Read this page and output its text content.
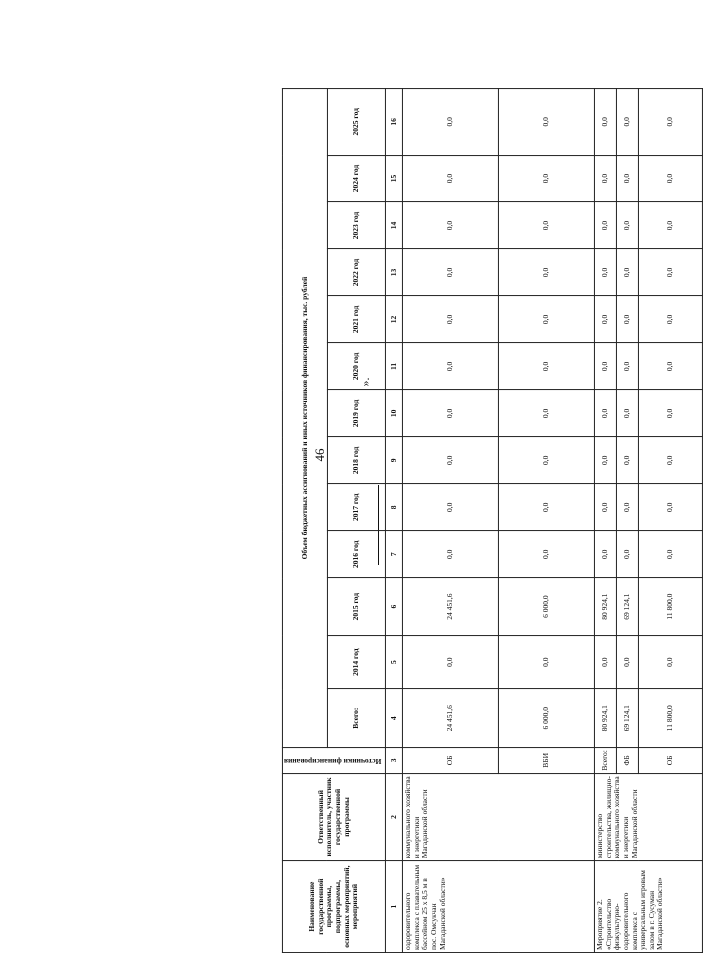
46
».
Наименование государственной программы, подпрограммы, основных мероприятий, мероприятий	Ответственный исполнитель, участник государственной программы	Источники финансирования	Объем бюджетных ассигнований и иных источников финансирования, тыс. рублей												
			Всего:	2014 год	2015 год	2016 год	2017 год	2018 год	2019 год	2020 год	2021 год	2022 год	2023 год	2024 год	2025 год
1	2	3	4	5	6	7	8	9	10	11	12	13	14	15	16
оздоровительного комплекса с плавательным бассейном 25 х 8,5 м в пос. Омсукчан Магаданской области»	коммунального хозяйства и энергетики Магаданской области	ОБ	24 451,6	0,0	24 451,6	0,0	0,0	0,0	0,0	0,0	0,0	0,0	0,0	0,0	0,0
		ВБИ	6 000,0	0,0	6 000,0	0,0	0,0	0,0	0,0	0,0	0,0	0,0	0,0	0,0	0,0
Мероприятие 2. «Строительство физкультурно-оздоровительного комплекса с универсальным игровым залом в г. Сусуман Магаданской области»	министерство строительства, жилищно-коммунального хозяйства и энергетики Магаданской области	Всего:	80 924,1	0,0	80 924,1	0,0	0,0	0,0	0,0	0,0	0,0	0,0	0,0	0,0	0,0
		ФБ	69 124,1	0,0	69 124,1	0,0	0,0	0,0	0,0	0,0	0,0	0,0	0,0	0,0	0,0
		ОБ	11 800,0	0,0	11 800,0	0,0	0,0	0,0	0,0	0,0	0,0	0,0	0,0	0,0	0,0
